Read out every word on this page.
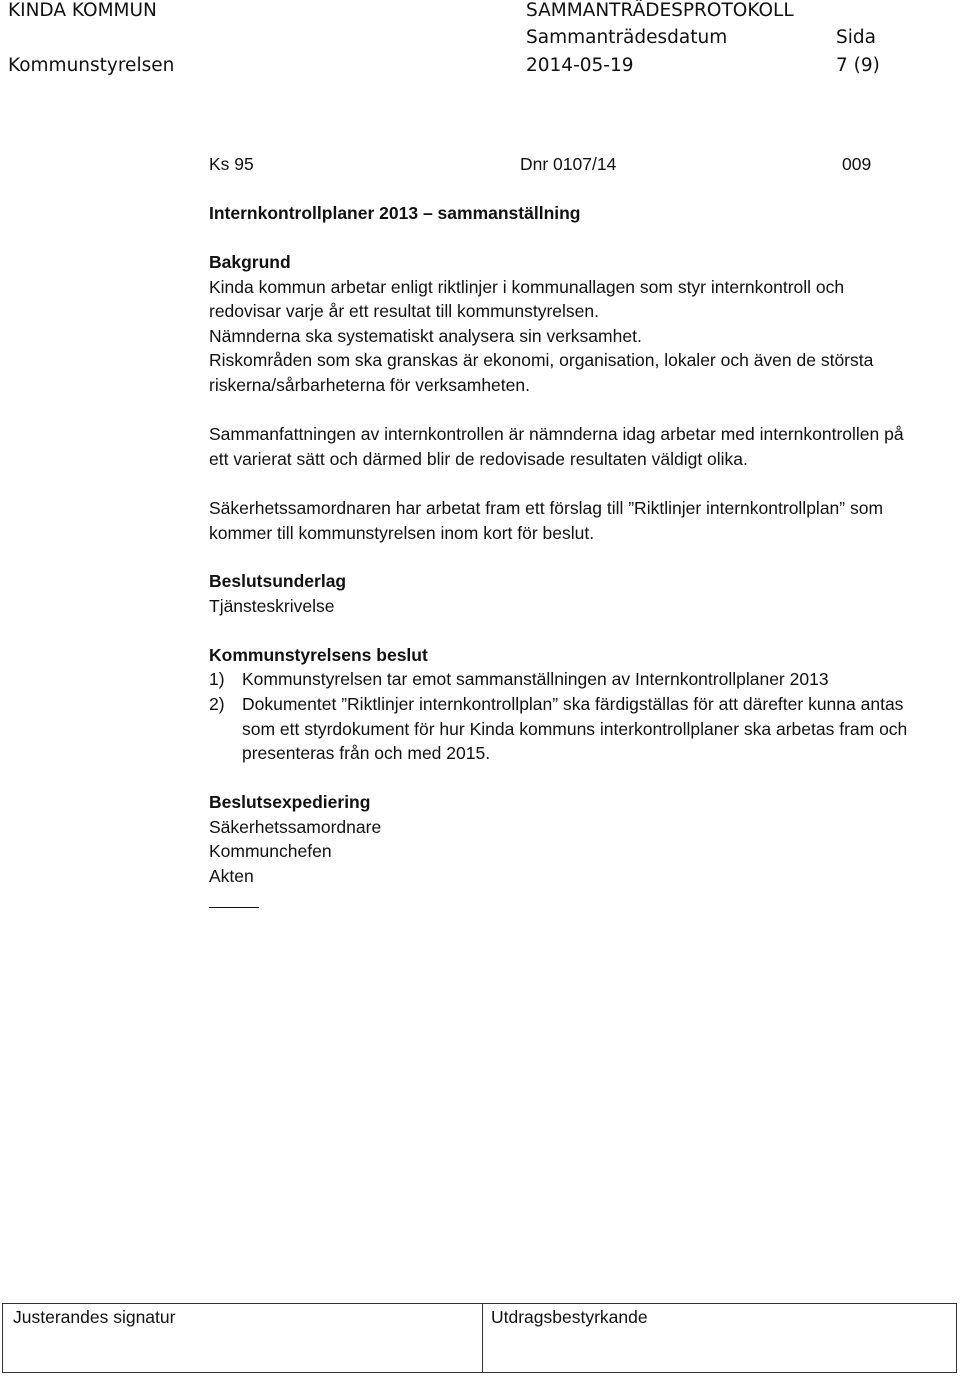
KINDA KOMMUN	SAMMANTRÄDESPROTOKOLL
Sammanträdesdatum	Sida
Kommunstyrelsen	2014-05-19	7 (9)
Ks 95	Dnr 0107/14	009
Internkontrollplaner 2013 – sammanställning
Bakgrund
Kinda kommun arbetar enligt riktlinjer i kommunallagen som styr internkontroll och
redovisar varje år ett resultat till kommunstyrelsen.
Nämnderna ska systematiskt analysera sin verksamhet.
Riskområden som ska granskas är ekonomi, organisation, lokaler och även de största
riskerna/sårbarheterna för verksamheten.
Sammanfattningen av internkontrollen är nämnderna idag arbetar med internkontrollen på
ett varierat sätt och därmed blir de redovisade resultaten väldigt olika.
Säkerhetssamordnaren har arbetat fram ett förslag till ”Riktlinjer internkontrollplan” som
kommer till kommunstyrelsen inom kort för beslut.
Beslutsunderlag
Tjänsteskrivelse
Kommunstyrelsens beslut
1) Kommunstyrelsen tar emot sammanställningen av Internkontrollplaner 2013
2) Dokumentet ”Riktlinjer internkontrollplan” ska färdigställas för att därefter kunna antas
som ett styrdokument för hur Kinda kommuns interkontrollplaner ska arbetas fram och
presenteras från och med 2015.
Beslutsexpediering
Säkerhetssamordnare
Kommunchefen
Akten
Justerandes signatur	Utdragsbestyrkande
